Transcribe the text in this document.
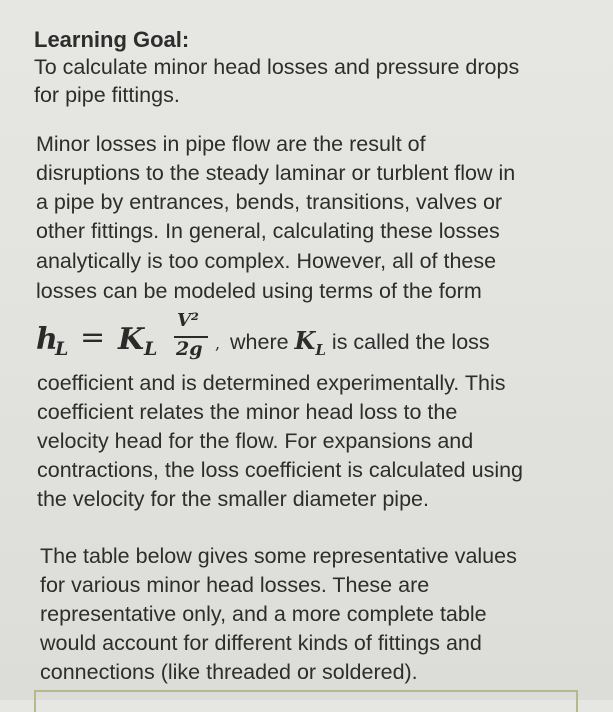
Learning Goal:
To calculate minor head losses and pressure drops
for pipe fittings.
Minor losses in pipe flow are the result of
disruptions to the steady laminar or turblent flow in
a pipe by entrances, bends, transitions, valves or
other fittings. In general, calculating these losses
analytically is too complex. However, all of these
losses can be modeled using terms of the form
h
L = K L
V²
2g , where $K_L$ is called the loss
coefficient and is determined experimentally. This
coefficient relates the minor head loss to the
velocity head for the flow. For expansions and
contractions, the loss coefficient is calculated using
the velocity for the smaller diameter pipe.
The table below gives some representative values
for various minor head losses. These are
representative only, and a more complete table
would account for different kinds of fittings and
connections (like threaded or soldered).
